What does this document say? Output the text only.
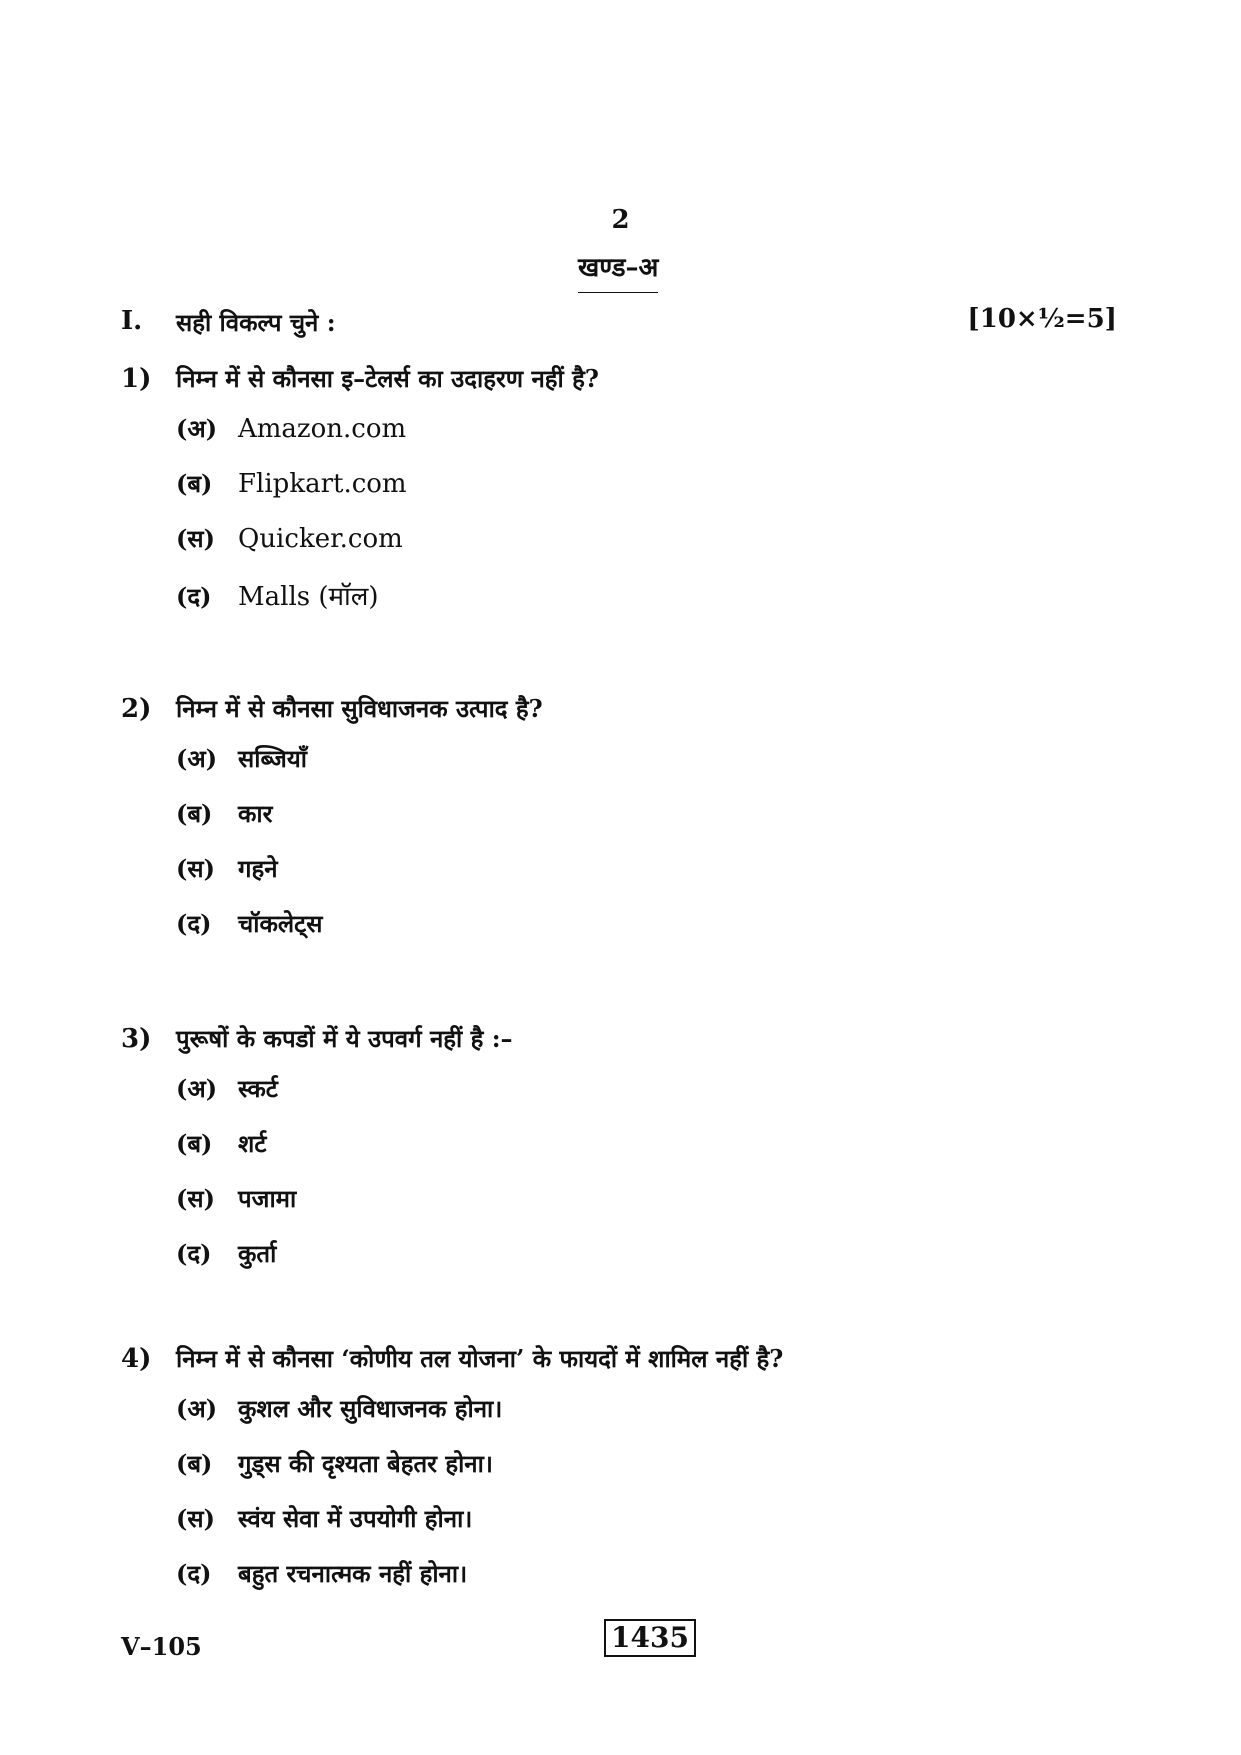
2
खण्ड–अ
I. सही विकल्प चुने :	[10×½=5]
1)	निम्न में से कौनसा इ–टेलर्स का उदाहरण नहीं है?
(अ) Amazon.com
(ब) Flipkart.com
(स) Quicker.com
(द)	Malls (मॉल)
2)	निम्न में से कौनसा सुविधाजनक उत्पाद है?
(अ) सब्जियाँ
(ब)	कार
(स) गहने
(द)	चॉकलेट्स
3)	पुरूषों के कपडों में ये उपवर्ग नहीं है :–
(अ) स्कर्ट
(ब)	शर्ट
(स) पजामा
(द)	कुर्ता
4)	निम्न में से कौनसा ‘कोणीय तल योजना’ के फायदों में शामिल नहीं है?
(अ) कुशल और सुविधाजनक होना।
(ब)	गुड्स की दृश्यता बेहतर होना।
(स) स्वंय सेवा में उपयोगी होना।
(द)	बहुत रचनात्मक नहीं होना।
V–105	1435
